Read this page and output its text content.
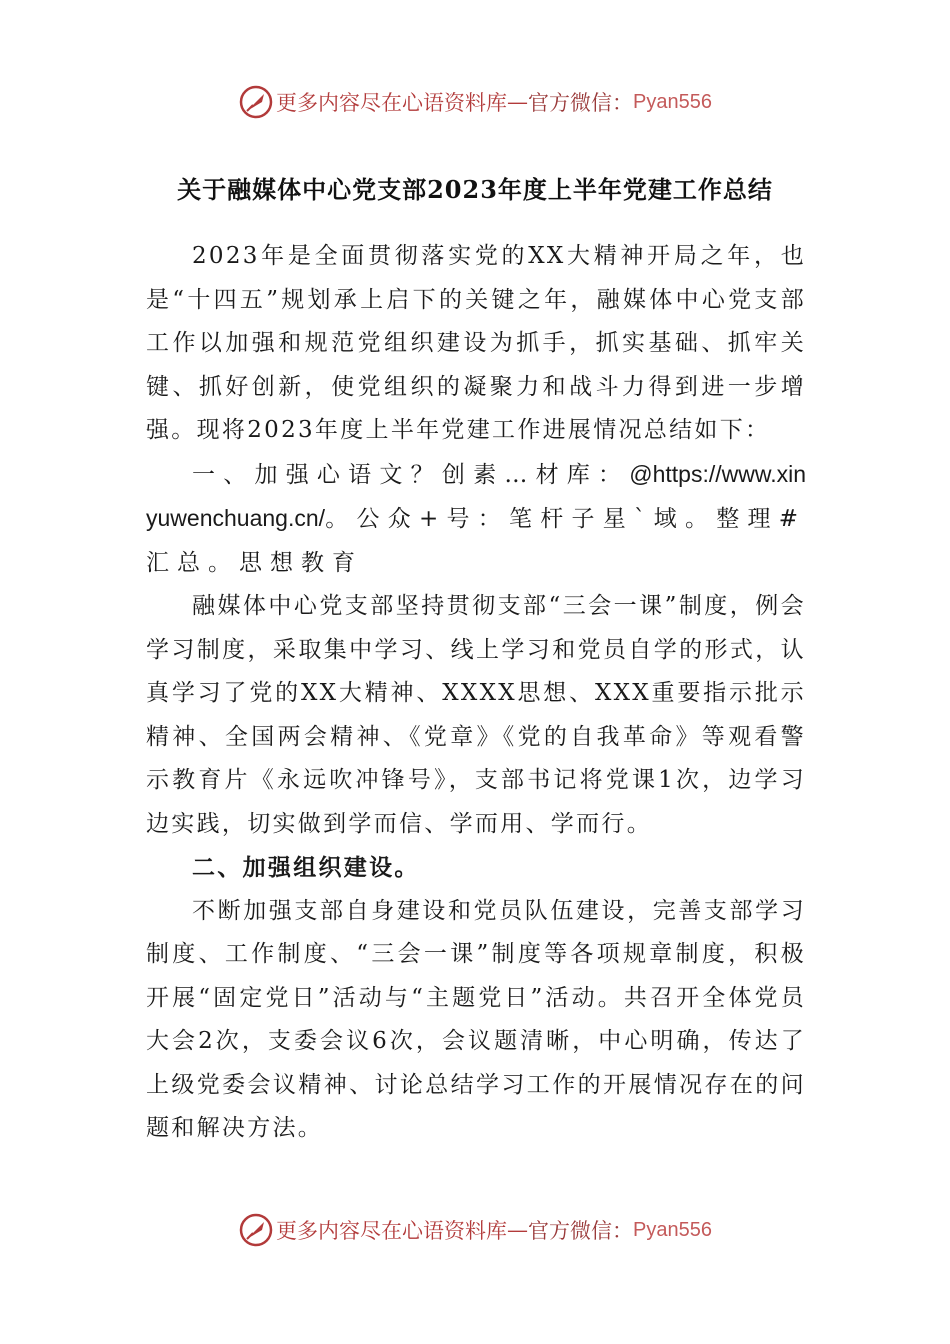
更多内容尽在心语资料库 — 官方微信： Pyan556
关于融媒体中心党支部2023年度上半年党建工作总结

2023年是全面贯彻落实党的XX大精神开局之年，也是“十四五”规划承上启下的关键之年，融媒体中心党支部工作以加强和规范党组织建设为抓手，抓实基础、抓牢关键、抓好创新，使党组织的凝聚力和战斗力得到进一步增强。现将2023年度上半年党建工作进展情况总结如下：

一、加强心语文？创素…材库：@https://www.xinyuwenchuang.cn/。公众+号：笔杆子星`域。整理#汇总。思想教育

融媒体中心党支部坚持贯彻支部“三会一课”制度，例会学习制度，采取集中学习、线上学习和党员自学的形式，认真学习了党的XX大精神、XXXX思想、XXX重要指示批示精神、全国两会精神、《党章》《党的自我革命》等观看警示教育片《永远吹冲锋号》，支部书记将党课1次，边学习边实践，切实做到学而信、学而用、学而行。

二、加强组织建设。

不断加强支部自身建设和党员队伍建设，完善支部学习制度、工作制度、“三会一课”制度等各项规章制度，积极开展“固定党日”活动与“主题党日”活动。共召开全体党员大会2次，支委会议6次，会议题清晰，中心明确，传达了上级党委会议精神、讨论总结学习工作的开展情况存在的问题和解决方法。

更多内容尽在心语资料库 — 官方微信： Pyan556
